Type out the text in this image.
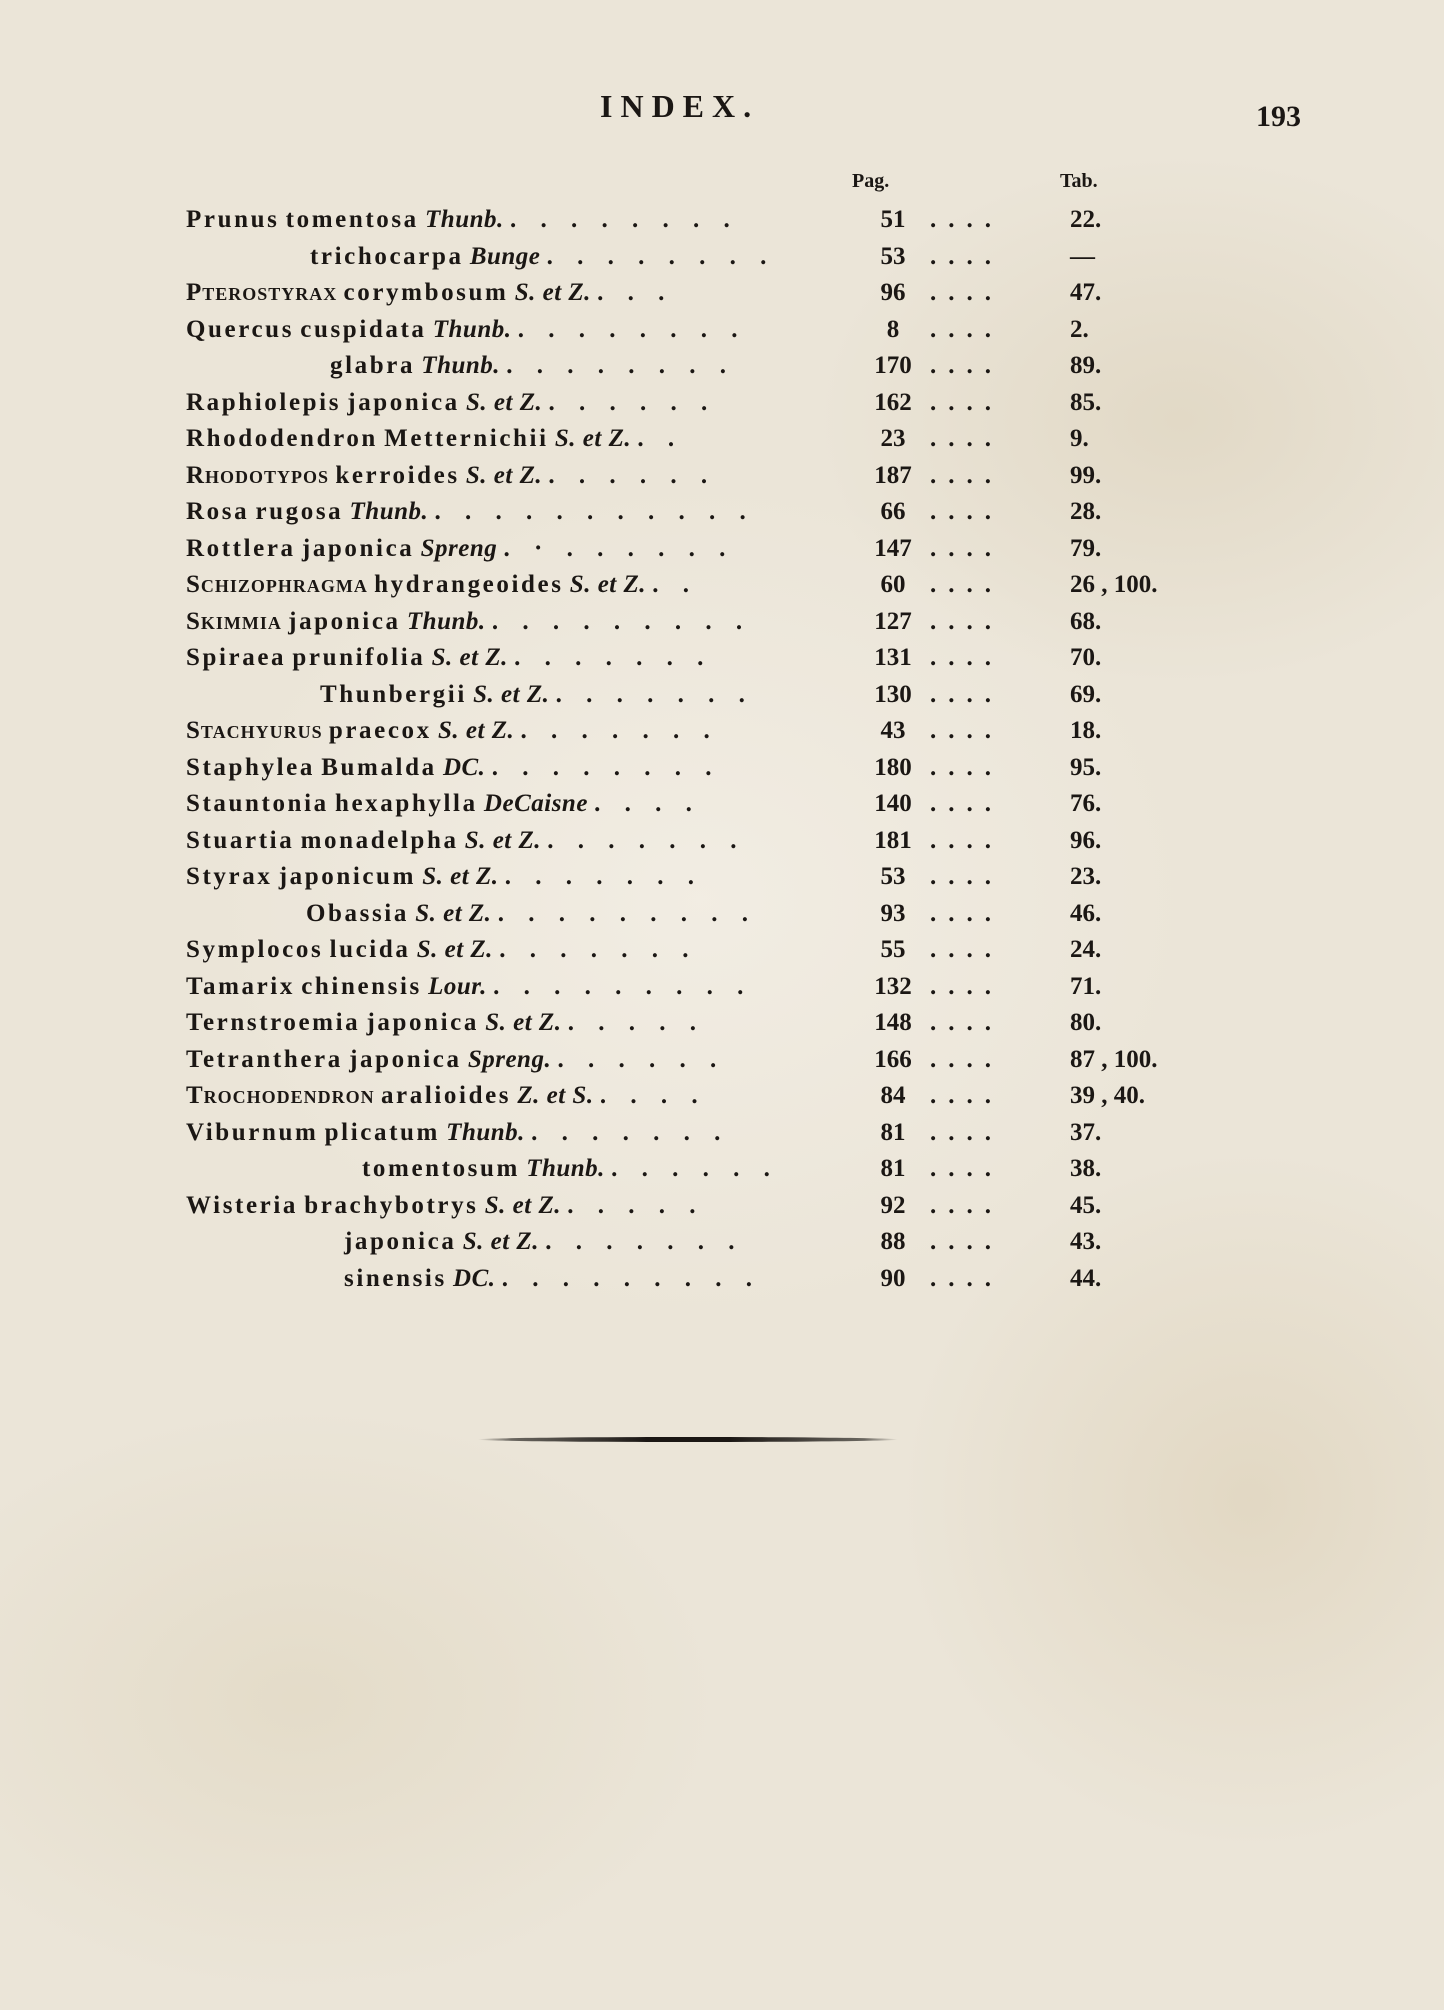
INDEX.	193
Pag.	Tab.
Prunus tomentosa Thunb. . . . . . . . .	51 ....	22.
trichocarpa Bunge . . . . . . . .	53 ....	—
Pterostyrax corymbosum S. et Z. . . .	96 ....	47.
Quercus cuspidata Thunb. . . . . . . . .	8	....	2.
glabra Thunb. . . . . . . . .	170 ....	89.
Raphiolepis japonica S. et Z. . . . . . .	162 ....	85.
Rhododendron Metternichii S. et Z. . .	23 ....	9.
Rhodotypos kerroides S. et Z. . . . . . .	187 ....	99.
Rosa rugosa Thunb. . . . . . . . . . . .	66 ....	28.
Rottlera japonica Spreng . · . . . . . .	147 ....	79.
Schizophragma hydrangeoides S. et Z. . .	60 ....	26 , 100.
Skimmia japonica Thunb. . . . . . . . . .	127 ....	68.
Spiraea prunifolia S. et Z. . . . . . . .	131 ....	70.
Thunbergii S. et Z. . . . . . . .	130 ....	69.
Stachyurus praecox S. et Z. . . . . . . .	43 ....	18.
Staphylea Bumalda DC. . . . . . . . .	180 ....	95.
Stauntonia hexaphylla DeCaisne . . . .	140 ....	76.
Stuartia monadelpha S. et Z. . . . . . . .	181 ....	96.
Styrax japonicum S. et Z. . . . . . . .	53 ....	23.
Obassia S. et Z. . . . . . . . . .	93 ....	46.
Symplocos lucida S. et Z. . . . . . . .	55 ....	24.
Tamarix chinensis Lour. . . . . . . . . .	132 ....	71.
Ternstroemia japonica S. et Z. . . . . .	148 ....	80.
Tetranthera japonica Spreng. . . . . . .	166 ....	87 , 100.
Trochodendron aralioides Z. et S. . . . .	84 ....	39 , 40.
Viburnum plicatum Thunb. . . . . . . .	81 ....	37.
tomentosum Thunb. . . . . . .	81 ....	38.
Wisteria brachybotrys S. et Z. . . . . .	92 ....	45.
japonica S. et Z. . . . . . . .	88 ....	43.
sinensis DC. . . . . . . . . .	90 ....	44.
